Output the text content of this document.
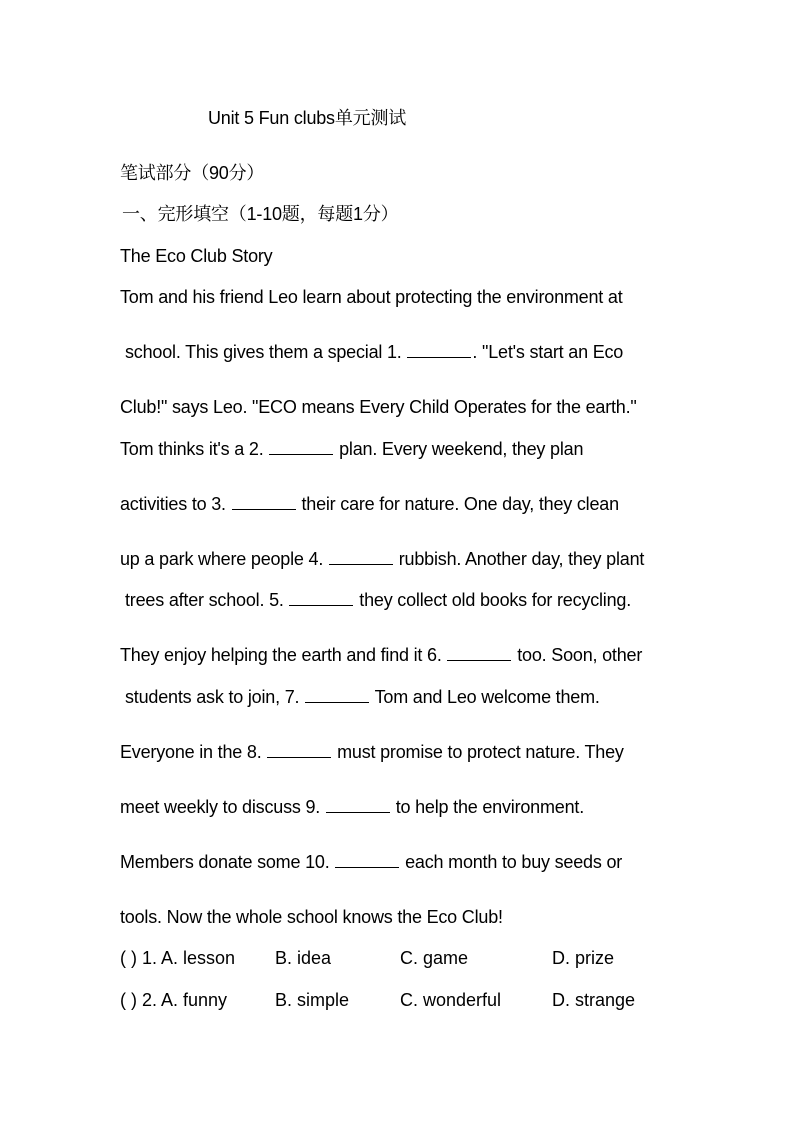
Unit 5 Fun clubs单元测试
笔试部分（90分）
一、完形填空（1-10题，每题1分）
The Eco Club Story
Tom and his friend Leo learn about protecting the environment at
school. This gives them a special 1.	. "Let's start an Eco
Club!" says Leo. "ECO means Every Child Operates for the earth."
Tom thinks it's a 2.	plan. Every weekend, they plan
activities to 3.	their care for nature. One day, they clean
up a park where people 4.	rubbish. Another day, they plant
trees after school. 5.	they collect old books for recycling.
They enjoy helping the earth and find it 6.	too. Soon, other
students ask to join, 7.	Tom and Leo welcome them.
Everyone in the 8.	must promise to protect nature. They
meet weekly to discuss 9.	to help the environment.
Members donate some 10.	each month to buy seeds or
tools. Now the whole school knows the Eco Club!
( ) 1. A. lesson B. idea	C. game	D. prize
( ) 2. A. funny	B. simple	C. wonderful	D. strange
